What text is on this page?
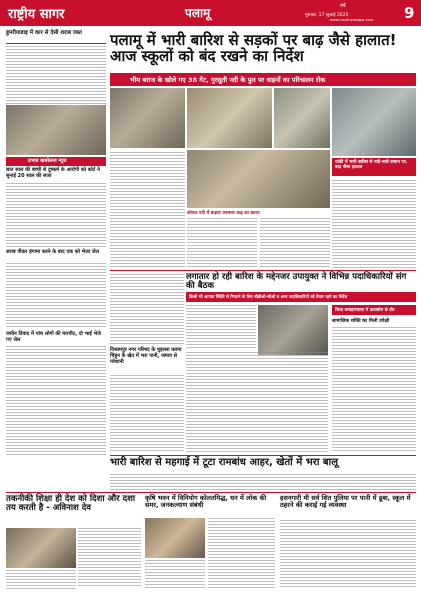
राष्ट्रीय सागर	पलामू	वर्ष
गुरुवार, 17 जुलाई 2025	9
www.rashtriyasagar.com
डुमरीयाडाड़ में कार से देसी शराब जब्त
प्रभात खबरेलना न्यूज
सात साल की बच्ची से दुष्कर्म के आरोपी को कोर्ट ने सुनाई 20 साल की सजा
शराब पीकर हंगामा करने के बाद एक को भेजा जेल
जमीन विवाद में पांच लोगों की मारपीट, दो भाई भेजे गए जेल
पलामू में भारी बारिश से सड़कों पर बाढ़ जैसे हालात! आज स्कूलों को बंद रखने का निर्देश
भीम बराज के खोले गए 38 गेट, गुरसुती नदी के पुल पर वाहनों का परिचालन रोक
पांकी में भारी बारिश से नदी-नाले उफान पर, बाढ़ जैसा हालात
कोयल नदी में बाढ़ता जलस्तर बाढ़ का खतरा
लगातार हो रही बारिश के मद्देनजर उपायुक्त ने विभिन्न पदाधिकारियों संग की बैठक
किसी भी आपात स्थिति से निपटने के लिए बीडीओ-सीओ व अन्य पदाधिकारियों को तैयार रहने का निर्देश
विश्रामपुर नगर परिषद के मुहल्ला करमा चिंहुन के खेत में भरा पानी, जमाव से परेशानी
जिला समाहरणालय में धावाबोल के तौर
सामाजिक शक्ति का मिली उपेक्षी
भारी बारिश से महगाई में टूटा रामबांध आहर, खेतों में भरा बालू
तकनीकी शिक्षा ही देश को दिशा और दशा तय करती है - अविनाश देव
कृषि भवन में विनियोग कोलतमिद्ध, धन में लोक की समर, जनकल्याण संबंधी
हसनगारी मी सर्व शित पुलिया पर पानी में डूबा, स्कूल में ठहरने की कराई गई व्यवस्था
